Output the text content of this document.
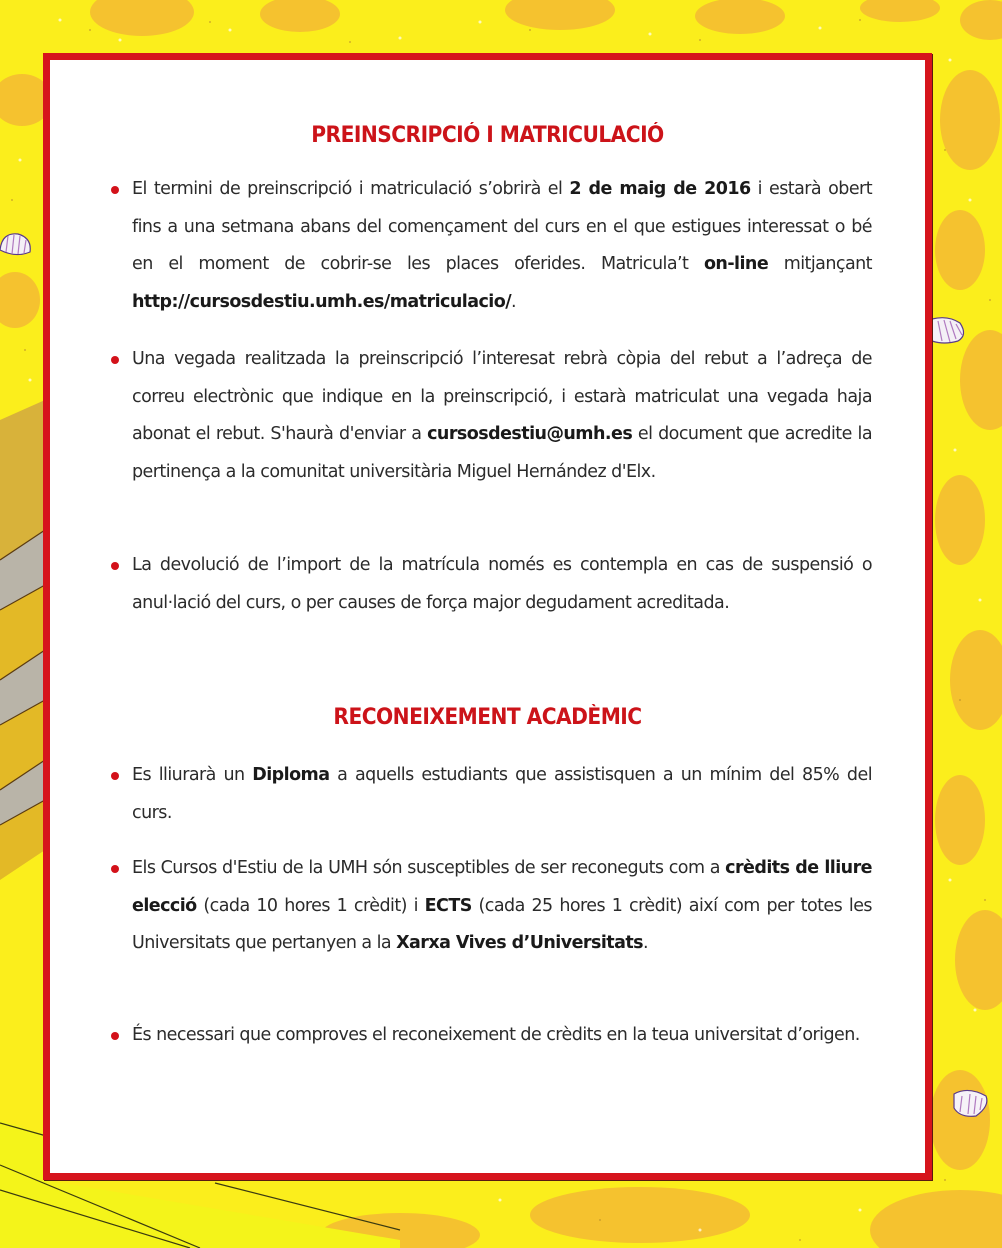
PREINSCRIPCIÓ I MATRICULACIÓ
El termini de preinscripció i matriculació s’obrirà el 2 de maig de 2016 i estarà obert fins a una setmana abans del començament del curs en el que estigues interessat o bé en el moment de cobrir-se les places oferides. Matricula’t on-line mitjançant http://cursosdestiu.umh.es/matriculacio/.
Una vegada realitzada la preinscripció l’interesat rebrà còpia del rebut a l’adreça de correu electrònic que indique en la preinscripció, i estarà matriculat una vegada haja abonat el rebut. S'haurà d'enviar a cursosdestiu@umh.es el document que acredite la pertinença a la comunitat universitària Miguel Hernández d'Elx.
La devolució de l’import de la matrícula només es contempla en cas de suspensió o anul·lació del curs, o per causes de força major degudament acreditada.
RECONEIXEMENT ACADÈMIC
Es lliurarà un Diploma a aquells estudiants que assistisquen a un mínim del 85% del curs.
Els Cursos d'Estiu de la UMH són susceptibles de ser reconeguts com a crèdits de lliure elecció (cada 10 hores 1 crèdit) i ECTS (cada 25 hores 1 crèdit) així com per totes les Universitats que pertanyen a la Xarxa Vives d’Universitats.
És necessari que comproves el reconeixement de crèdits en la teua universitat d’origen.
